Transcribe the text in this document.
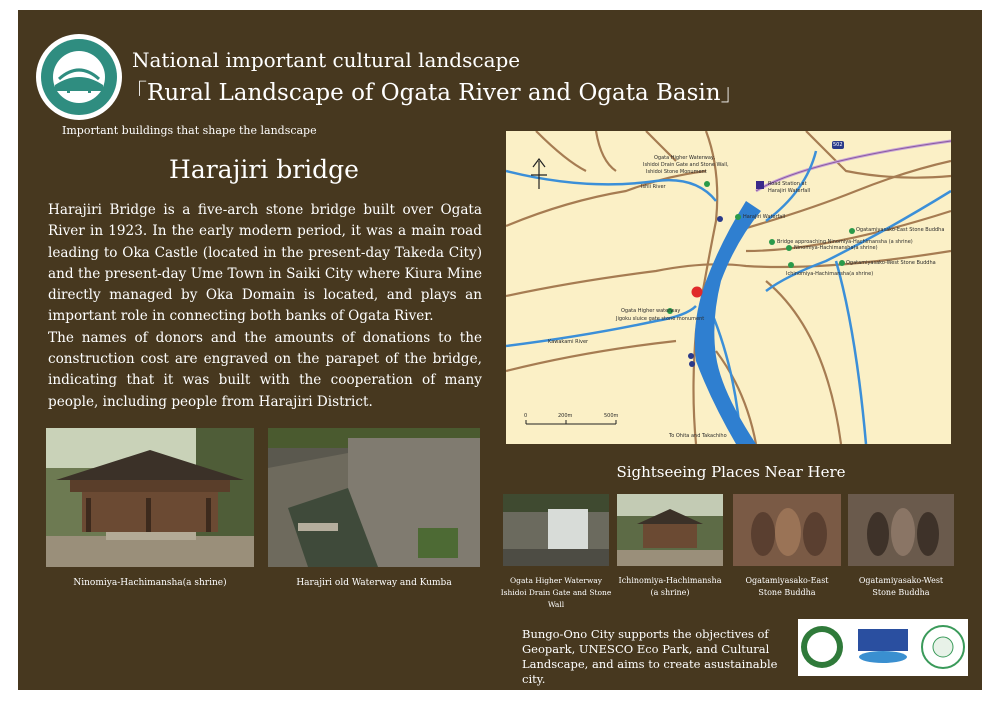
National important cultural landscape
「Rural Landscape of Ogata River and Ogata Basin」
Important buildings that shape the landscape
Harajiri bridge

Harajiri Bridge is a five-arch stone bridge built over Ogata River in 1923. In the early modern period, it was a main road leading to Oka Castle (located in the present-day Takeda City) and the present-day Ume Town in Saiki City where Kiura Mine directly managed by Oka Domain is located, and plays an important role in connecting both banks of Ogata River.

The names of donors and the amounts of donations to the construction cost are engraved on the parapet of the bridge, indicating that it was built with the cooperation of many people, including people from Harajiri District.

Ninomiya-Hachimansha(a shrine)	Harajiri old Waterway and Kumba
Ogata Higher Waterway,
Ishidoi Drain Gate and Stone Wall,
Ishidoi Stone Monument
Ishii River	Road Station at
Harajiri Waterfall
Harajiri Waterfall
Bridge approaching Ninomiya-Hachimansha (a shrine)
Ninomiya-Hachimansha(a shrine)
Ichinomiya-Hachimansha(a shrine)
Ogatamiyasako-East Stone Buddha
Ogatamiyasako-West Stone Buddha
Ogata Higher waterway
Jigoku sluice gate stone monument
Kawakami River
To Ohita and Takachiho
0	200m	500m
502
Sightseeing Places Near Here
Ogata Higher Waterway
Ishidoi Drain Gate and Stone Wall
Ichinomiya-Hachimansha
(a shrine)
Ogatamiyasako-East
Stone Buddha
Ogatamiyasako-West
Stone Buddha
Bungo-Ono City supports the objectives of Geopark, UNESCO Eco Park, and Cultural Landscape, and aims to create asustainable city.
